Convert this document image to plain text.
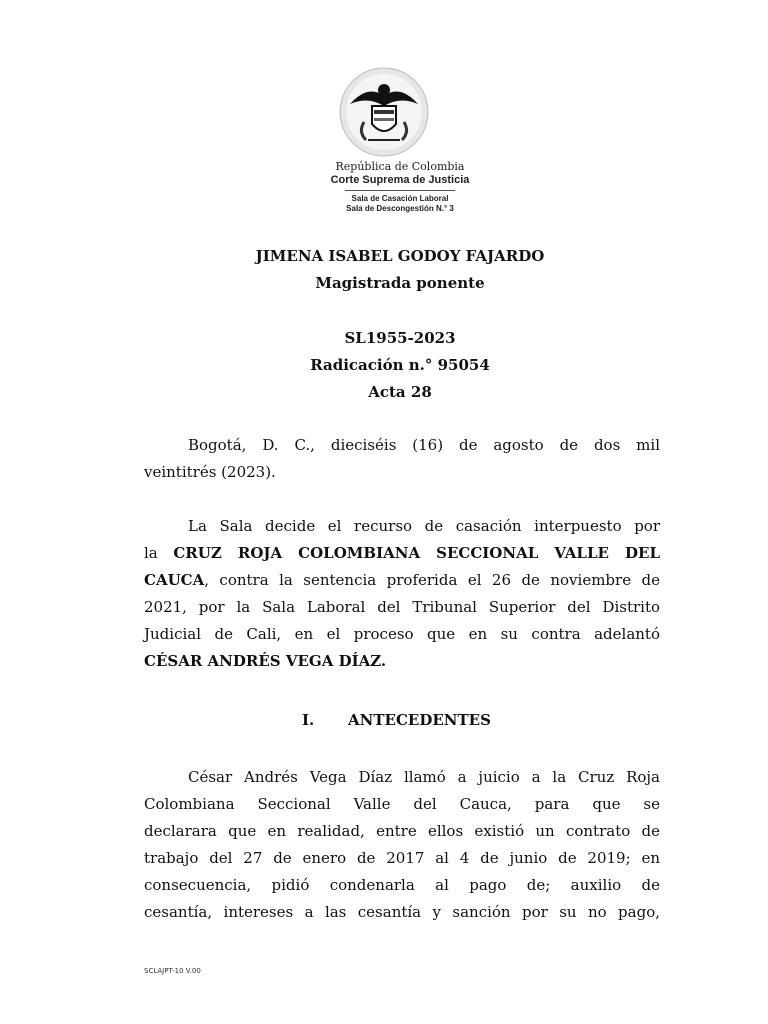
República de Colombia
Corte Suprema de Justicia
Sala de Casación Laboral
Sala de Descongestión N.° 3
JIMENA ISABEL GODOY FAJARDO
Magistrada ponente
SL1955-2023
Radicación n.° 95054
Acta 28
Bogotá, D. C., dieciséis (16) de agosto de dos mil
veintitrés (2023).
La Sala decide el recurso de casación interpuesto por
la CRUZ ROJA COLOMBIANA SECCIONAL VALLE DEL
CAUCA, contra la sentencia proferida el 26 de noviembre de
2021, por la Sala Laboral del Tribunal Superior del Distrito
Judicial de Cali, en el proceso que en su contra adelantó
CÉSAR ANDRÉS VEGA DÍAZ.
I. ANTECEDENTES
César Andrés Vega Díaz llamó a juicio a la Cruz Roja
Colombiana Seccional Valle del Cauca, para que se
declarara que en realidad, entre ellos existió un contrato de
trabajo del 27 de enero de 2017 al 4 de junio de 2019; en
consecuencia, pidió condenarla al pago de; auxilio de
cesantía, intereses a las cesantía y sanción por su no pago,
SCLAJPT-10 V.00
